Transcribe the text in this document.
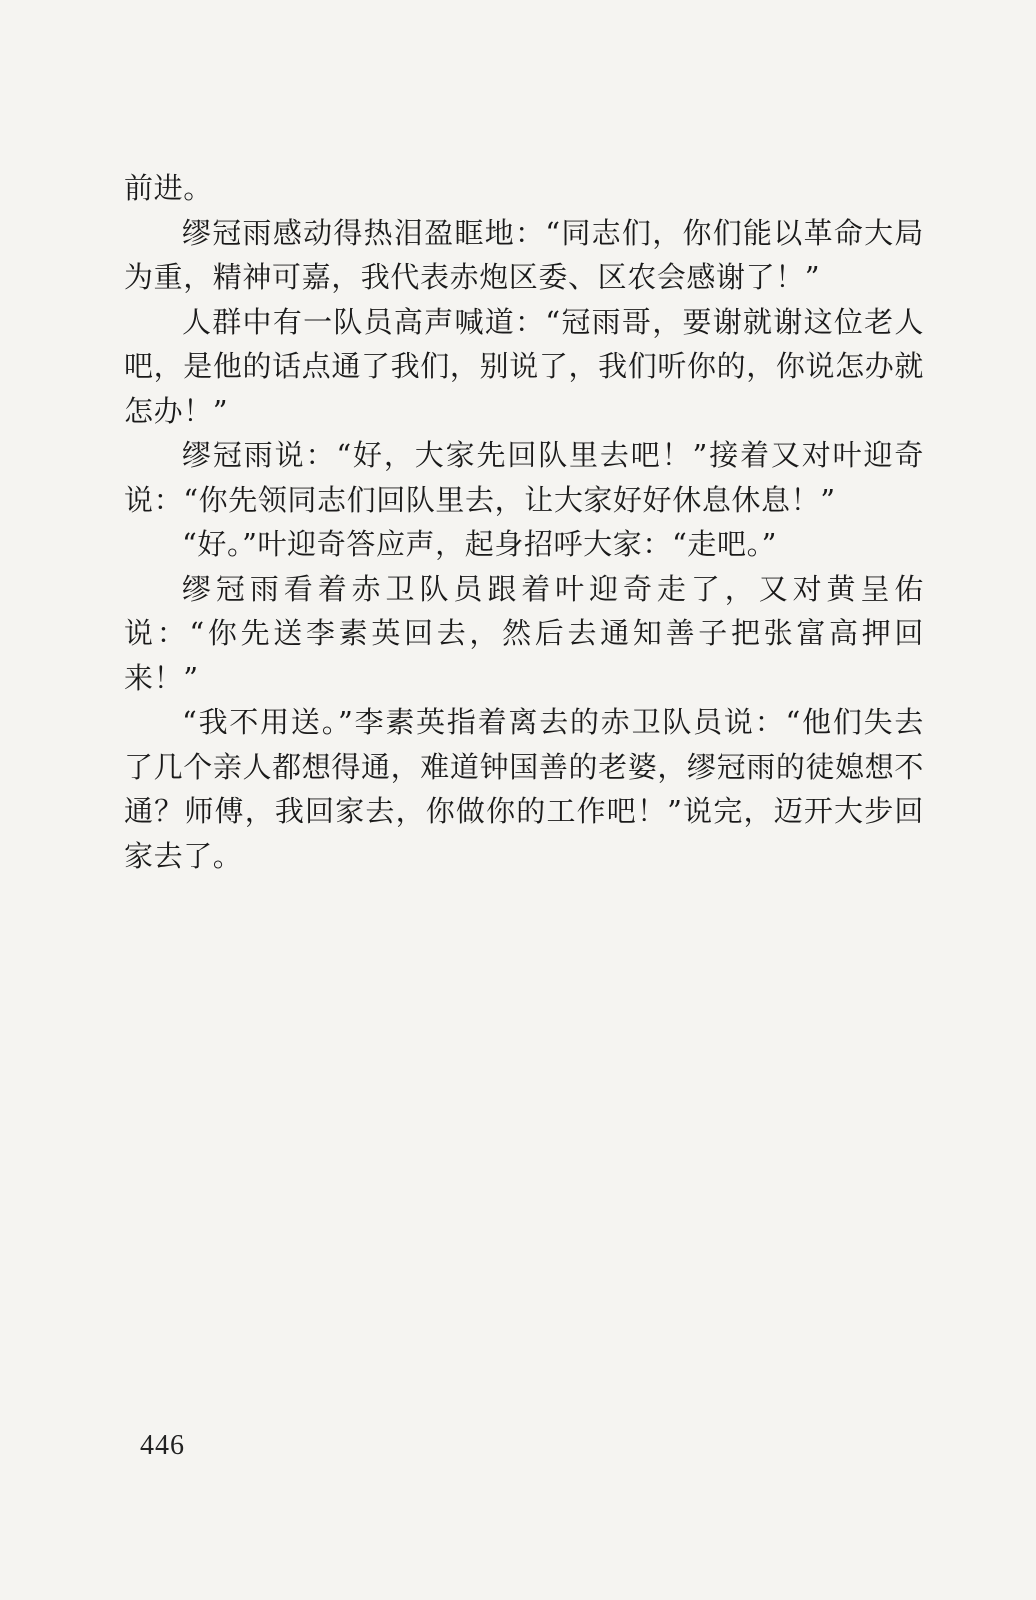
前进。

缪冠雨感动得热泪盈眶地：“同志们，你们能以革命大局为重，精神可嘉，我代表赤炮区委、区农会感谢了！”

人群中有一队员高声喊道：“冠雨哥，要谢就谢这位老人吧，是他的话点通了我们，别说了，我们听你的，你说怎办就怎办！”

缪冠雨说：“好，大家先回队里去吧！”接着又对叶迎奇说：“你先领同志们回队里去，让大家好好休息休息！”

“好。”叶迎奇答应声，起身招呼大家：“走吧。”

缪冠雨看着赤卫队员跟着叶迎奇走了，又对黄呈佑说：“你先送李素英回去，然后去通知善子把张富高押回来！”

“我不用送。”李素英指着离去的赤卫队员说：“他们失去了几个亲人都想得通，难道钟国善的老婆，缪冠雨的徒媳想不通？师傅，我回家去，你做你的工作吧！”说完，迈开大步回家去了。

446
